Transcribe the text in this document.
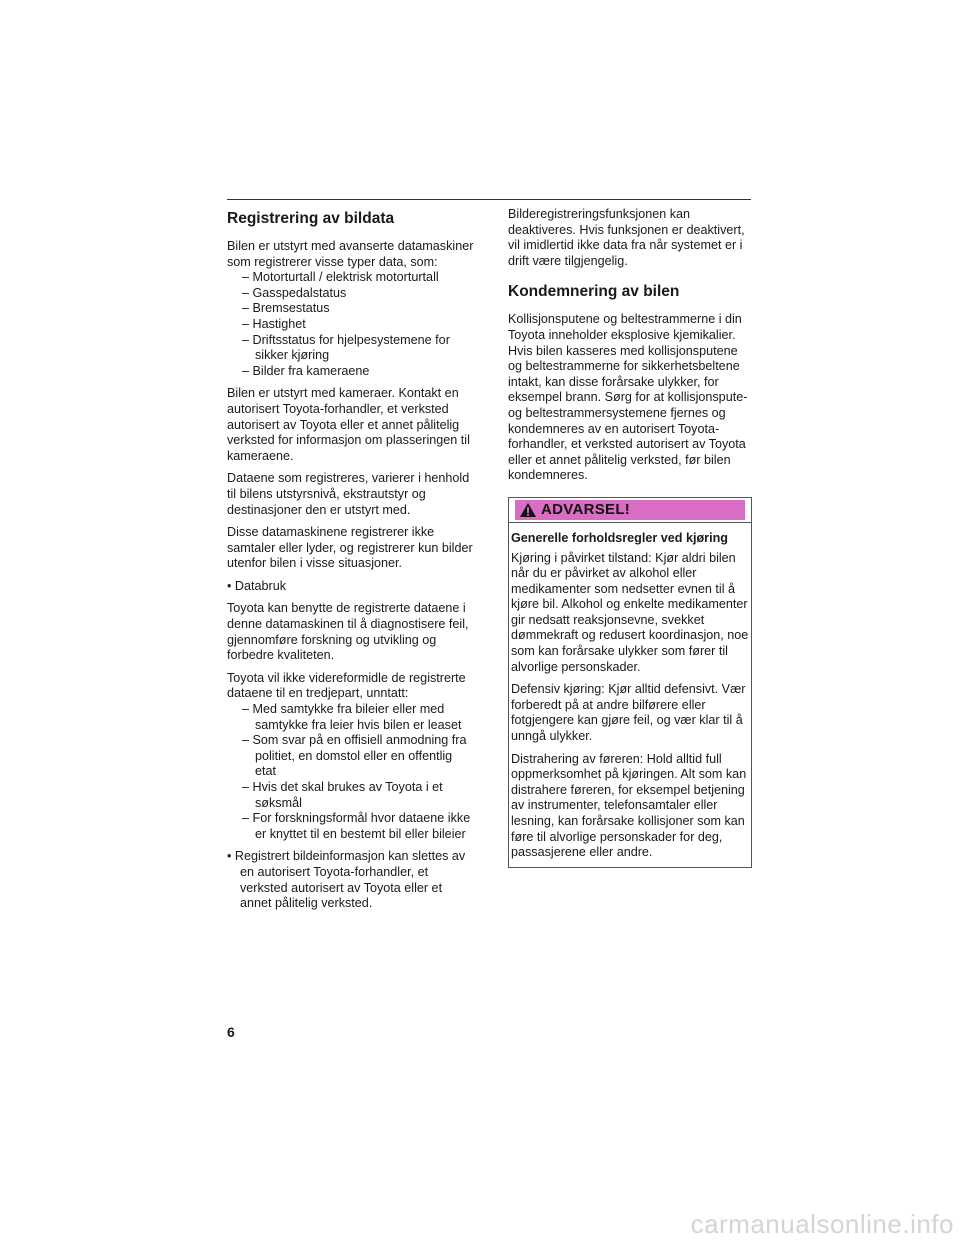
Registrering av bildata

Bilen er utstyrt med avanserte datamaskiner som registrerer visse typer data, som:

– Motorturtall / elektrisk motorturtall
– Gasspedalstatus
– Bremsestatus
– Hastighet
– Driftsstatus for hjelpesystemene for sikker kjøring
– Bilder fra kameraene

Bilen er utstyrt med kameraer. Kontakt en autorisert Toyota-forhandler, et verksted autorisert av Toyota eller et annet pålitelig verksted for informasjon om plasseringen til kameraene.

Dataene som registreres, varierer i henhold til bilens utstyrsnivå, ekstrautstyr og destinasjoner den er utstyrt med.

Disse datamaskinene registrerer ikke samtaler eller lyder, og registrerer kun bilder utenfor bilen i visse situasjoner.

• Databruk

Toyota kan benytte de registrerte dataene i denne datamaskinen til å diagnostisere feil, gjennomføre forskning og utvikling og forbedre kvaliteten.

Toyota vil ikke videreformidle de registrerte dataene til en tredjepart, unntatt:

– Med samtykke fra bileier eller med samtykke fra leier hvis bilen er leaset
– Som svar på en offisiell anmodning fra politiet, en domstol eller en offentlig etat
– Hvis det skal brukes av Toyota i et søksmål
– For forskningsformål hvor dataene ikke er knyttet til en bestemt bil eller bileier
• Registrert bildeinformasjon kan slettes av en autorisert Toyota-forhandler, et verksted autorisert av Toyota eller et annet pålitelig verksted.

Bilderegistreringsfunksjonen kan deaktiveres. Hvis funksjonen er deaktivert, vil imidlertid ikke data fra når systemet er i drift være tilgjengelig.

Kondemnering av bilen

Kollisjonsputene og beltestrammerne i din Toyota inneholder eksplosive kjemikalier. Hvis bilen kasseres med kollisjonsputene og beltestrammerne for sikkerhetsbeltene intakt, kan disse forårsake ulykker, for eksempel brann. Sørg for at kollisjonspute- og beltestrammersystemene fjernes og kondemneres av en autorisert Toyota-forhandler, et verksted autorisert av Toyota eller et annet pålitelig verksted, før bilen kondemneres.

ADVARSEL!

Generelle forholdsregler ved kjøring

Kjøring i påvirket tilstand: Kjør aldri bilen når du er påvirket av alkohol eller medikamenter som nedsetter evnen til å kjøre bil. Alkohol og enkelte medikamenter gir nedsatt reaksjonsevne, svekket dømmekraft og redusert koordinasjon, noe som kan forårsake ulykker som fører til alvorlige personskader.

Defensiv kjøring: Kjør alltid defensivt. Vær forberedt på at andre bilførere eller fotgjengere kan gjøre feil, og vær klar til å unngå ulykker.

Distrahering av føreren: Hold alltid full oppmerksomhet på kjøringen. Alt som kan distrahere føreren, for eksempel betjening av instrumenter, telefonsamtaler eller lesning, kan forårsake kollisjoner som kan føre til alvorlige personskader for deg, passasjerene eller andre.

6
carmanualsonline.info
